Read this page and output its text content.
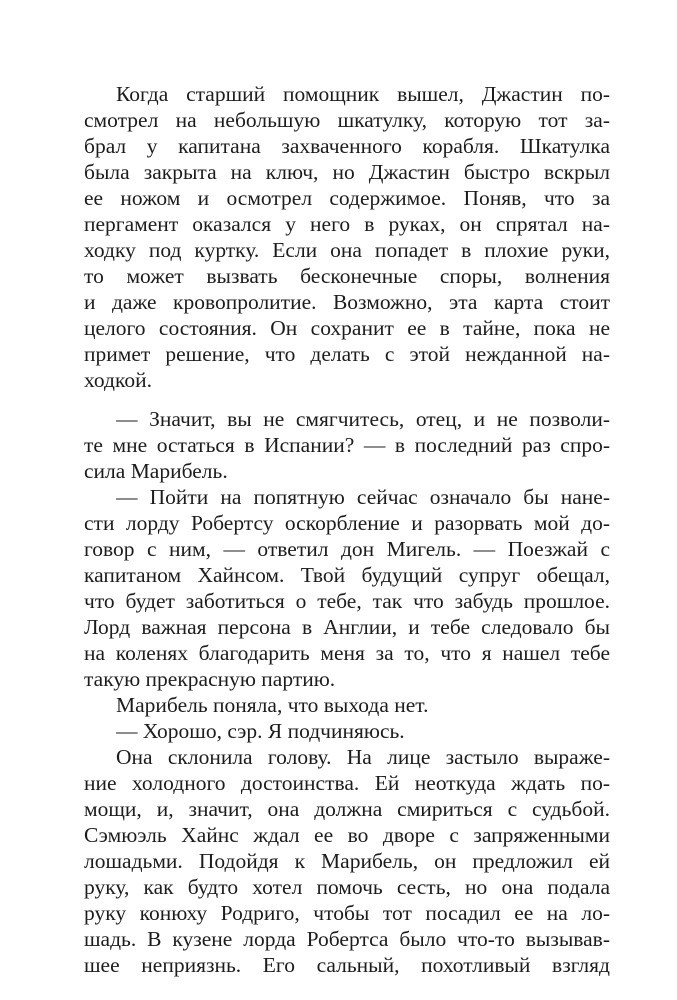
Когда старший помощник вышел, Джастин по-
смотрел на небольшую шкатулку, которую тот за-
брал у капитана захваченного корабля. Шкатулка
была закрыта на ключ, но Джастин быстро вскрыл
ее ножом и осмотрел содержимое. Поняв, что за
пергамент оказался у него в руках, он спрятал на-
ходку под куртку. Если она попадет в плохие руки,
то может вызвать бесконечные споры, волнения
и даже кровопролитие. Возможно, эта карта стоит
целого состояния. Он сохранит ее в тайне, пока не
примет решение, что делать с этой нежданной на-
ходкой.
— Значит, вы не смягчитесь, отец, и не позволи-
те мне остаться в Испании? — в последний раз спро-
сила Марибель.
— Пойти на попятную сейчас означало бы нане-
сти лорду Робертсу оскорбление и разорвать мой до-
говор с ним, — ответил дон Мигель. — Поезжай с
капитаном Хайнсом. Твой будущий супруг обещал,
что будет заботиться о тебе, так что забудь прошлое.
Лорд важная персона в Англии, и тебе следовало бы
на коленях благодарить меня за то, что я нашел тебе
такую прекрасную партию.
Марибель поняла, что выхода нет.
— Хорошо, сэр. Я подчиняюсь.
Она склонила голову. На лице застыло выраже-
ние холодного достоинства. Ей неоткуда ждать по-
мощи, и, значит, она должна смириться с судьбой.
Сэмюэль Хайнс ждал ее во дворе с запряженными
лошадьми. Подойдя к Марибель, он предложил ей
руку, как будто хотел помочь сесть, но она подала
руку конюху Родриго, чтобы тот посадил ее на ло-
шадь. В кузене лорда Робертса было что-то вызывав-
шее неприязнь. Его сальный, похотливый взгляд
